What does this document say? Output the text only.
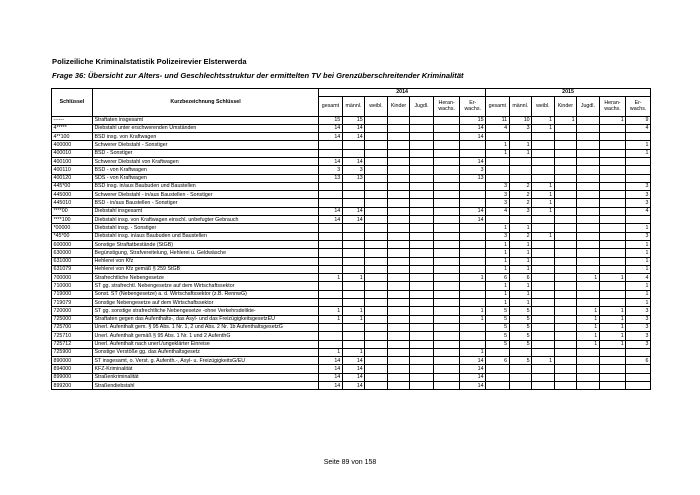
Polizeiliche Kriminalstatistik Polizeirevier Elsterwerda
Frage 36: Übersicht zur Alters- und Geschlechtsstruktur der ermittelten TV bei Grenzüberschreitender Kriminalität
Schlüssel	Kurzbezeichnung Schlüssel	2014							2015						
		gesamt	männl.	weibl.	Kinder	Jugdl.	Heran- wachs.	Er- wachs.	gesamt	männl.	weibl.	Kinder	Jugdl.	Heran- wachs.	Er- wachs.
------	Straftaten insgesamt	15	15					15	11	10	1	1		1	9
4*****	Diebstahl unter erschwerenden Umständen	14	14					14	4	3	1				4
4**100	BSD insg. von Kraftwagen	14	14					14							
400000	Schwerer Diebstahl - Sonstiger								1	1					1
400010	BSD - Sonstiger								1	1					1
400100	Schwerer Diebstahl von Kraftwagen	14	14					14							
400110	BSD - von Kraftwagen	3	3					3							
400120	SDS - von Kraftwagen	13	13					13							
445*00	BSD insg. in/aus Baubuden und Baustellen								3	2	1				3
445000	Schwerer Diebstahl - in/aus Baustellen - Sonstiger								3	2	1				3
445010	BSD - in/aus Baustellen - Sonstiger								3	2	1				3
****00	Diebstahl insgesamt	14	14					14	4	3	1				4
****100	Diebstahl insg. von Kraftwagen einschl. unbefugter Gebrauch	14	14					14							
*00000	Diebstahl insg. - Sonstiger								1	1					1
*45*00	Diebstahl insg. in/aus Baubuden und Baustellen								3	2	1				3
600000	Sonstige Straftatbestände (StGB)								1	1					1
630000	Begünstigung, Strafvereitelung, Hehlerei u. Geldwäsche								1	1					1
631000	Hehlerei von Kfz								1	1					1
631079	Hehlerei von Kfz gemäß § 259 StGB								1	1					1
700000	Strafrechtliche Nebengesetze	1	1					1	6	6			1	1	4
710000	ST gg. strafrechtl. Nebengesetze auf dem Wirtschaftssektor								1	1					1
719000	Sonst. ST (Nebengesetze) a. d. Wirtschaftssektor (z.B. RennwG)								1	1					1
719079	Sonstige Nebengesetze auf dem Wirtschaftssektor								1	1					1
720000	ST gg. sonstige strafrechtliche Nebengesetze -ohne Verkehrsdelikte-	1	1					1	5	5			1	1	3
725000	Straftaten gegen das Aufenthalts-, das Asyl- und das FreizügigkeitsgesetzEU	1	1					1	5	5			1	1	3
725700	Unerl. Aufenthalt gem. § 95 Abs. 1 Nr. 1, 2 und Abs. 2 Nr. 1b AufenthaltsgesetzG								5	5			1	1	3
725710	Unerl. Aufenthalt gemäß § 95 Abs. 1 Nr. 1 und 2 AufenthG								5	5			1	1	3
725712	Unerl. Aufenthalt nach unerl./ungeklärter Einreise								5	5			1	1	3
725900	Sonstige Verstöße gg. das Aufenthaltsgesetz	1	1					1							
890000	ST insgesamt, o. Verst. g. Aufenth.-, Asyl- u. FreizügigkeitsG/EU	14	14					14	6	5	1				6
894000	KFZ-Kriminalität	14	14					14							
899000	Straßenkriminalität	14	14					14							
899200	Straßendiebstahl	14	14					14							
Seite 89 von 158
